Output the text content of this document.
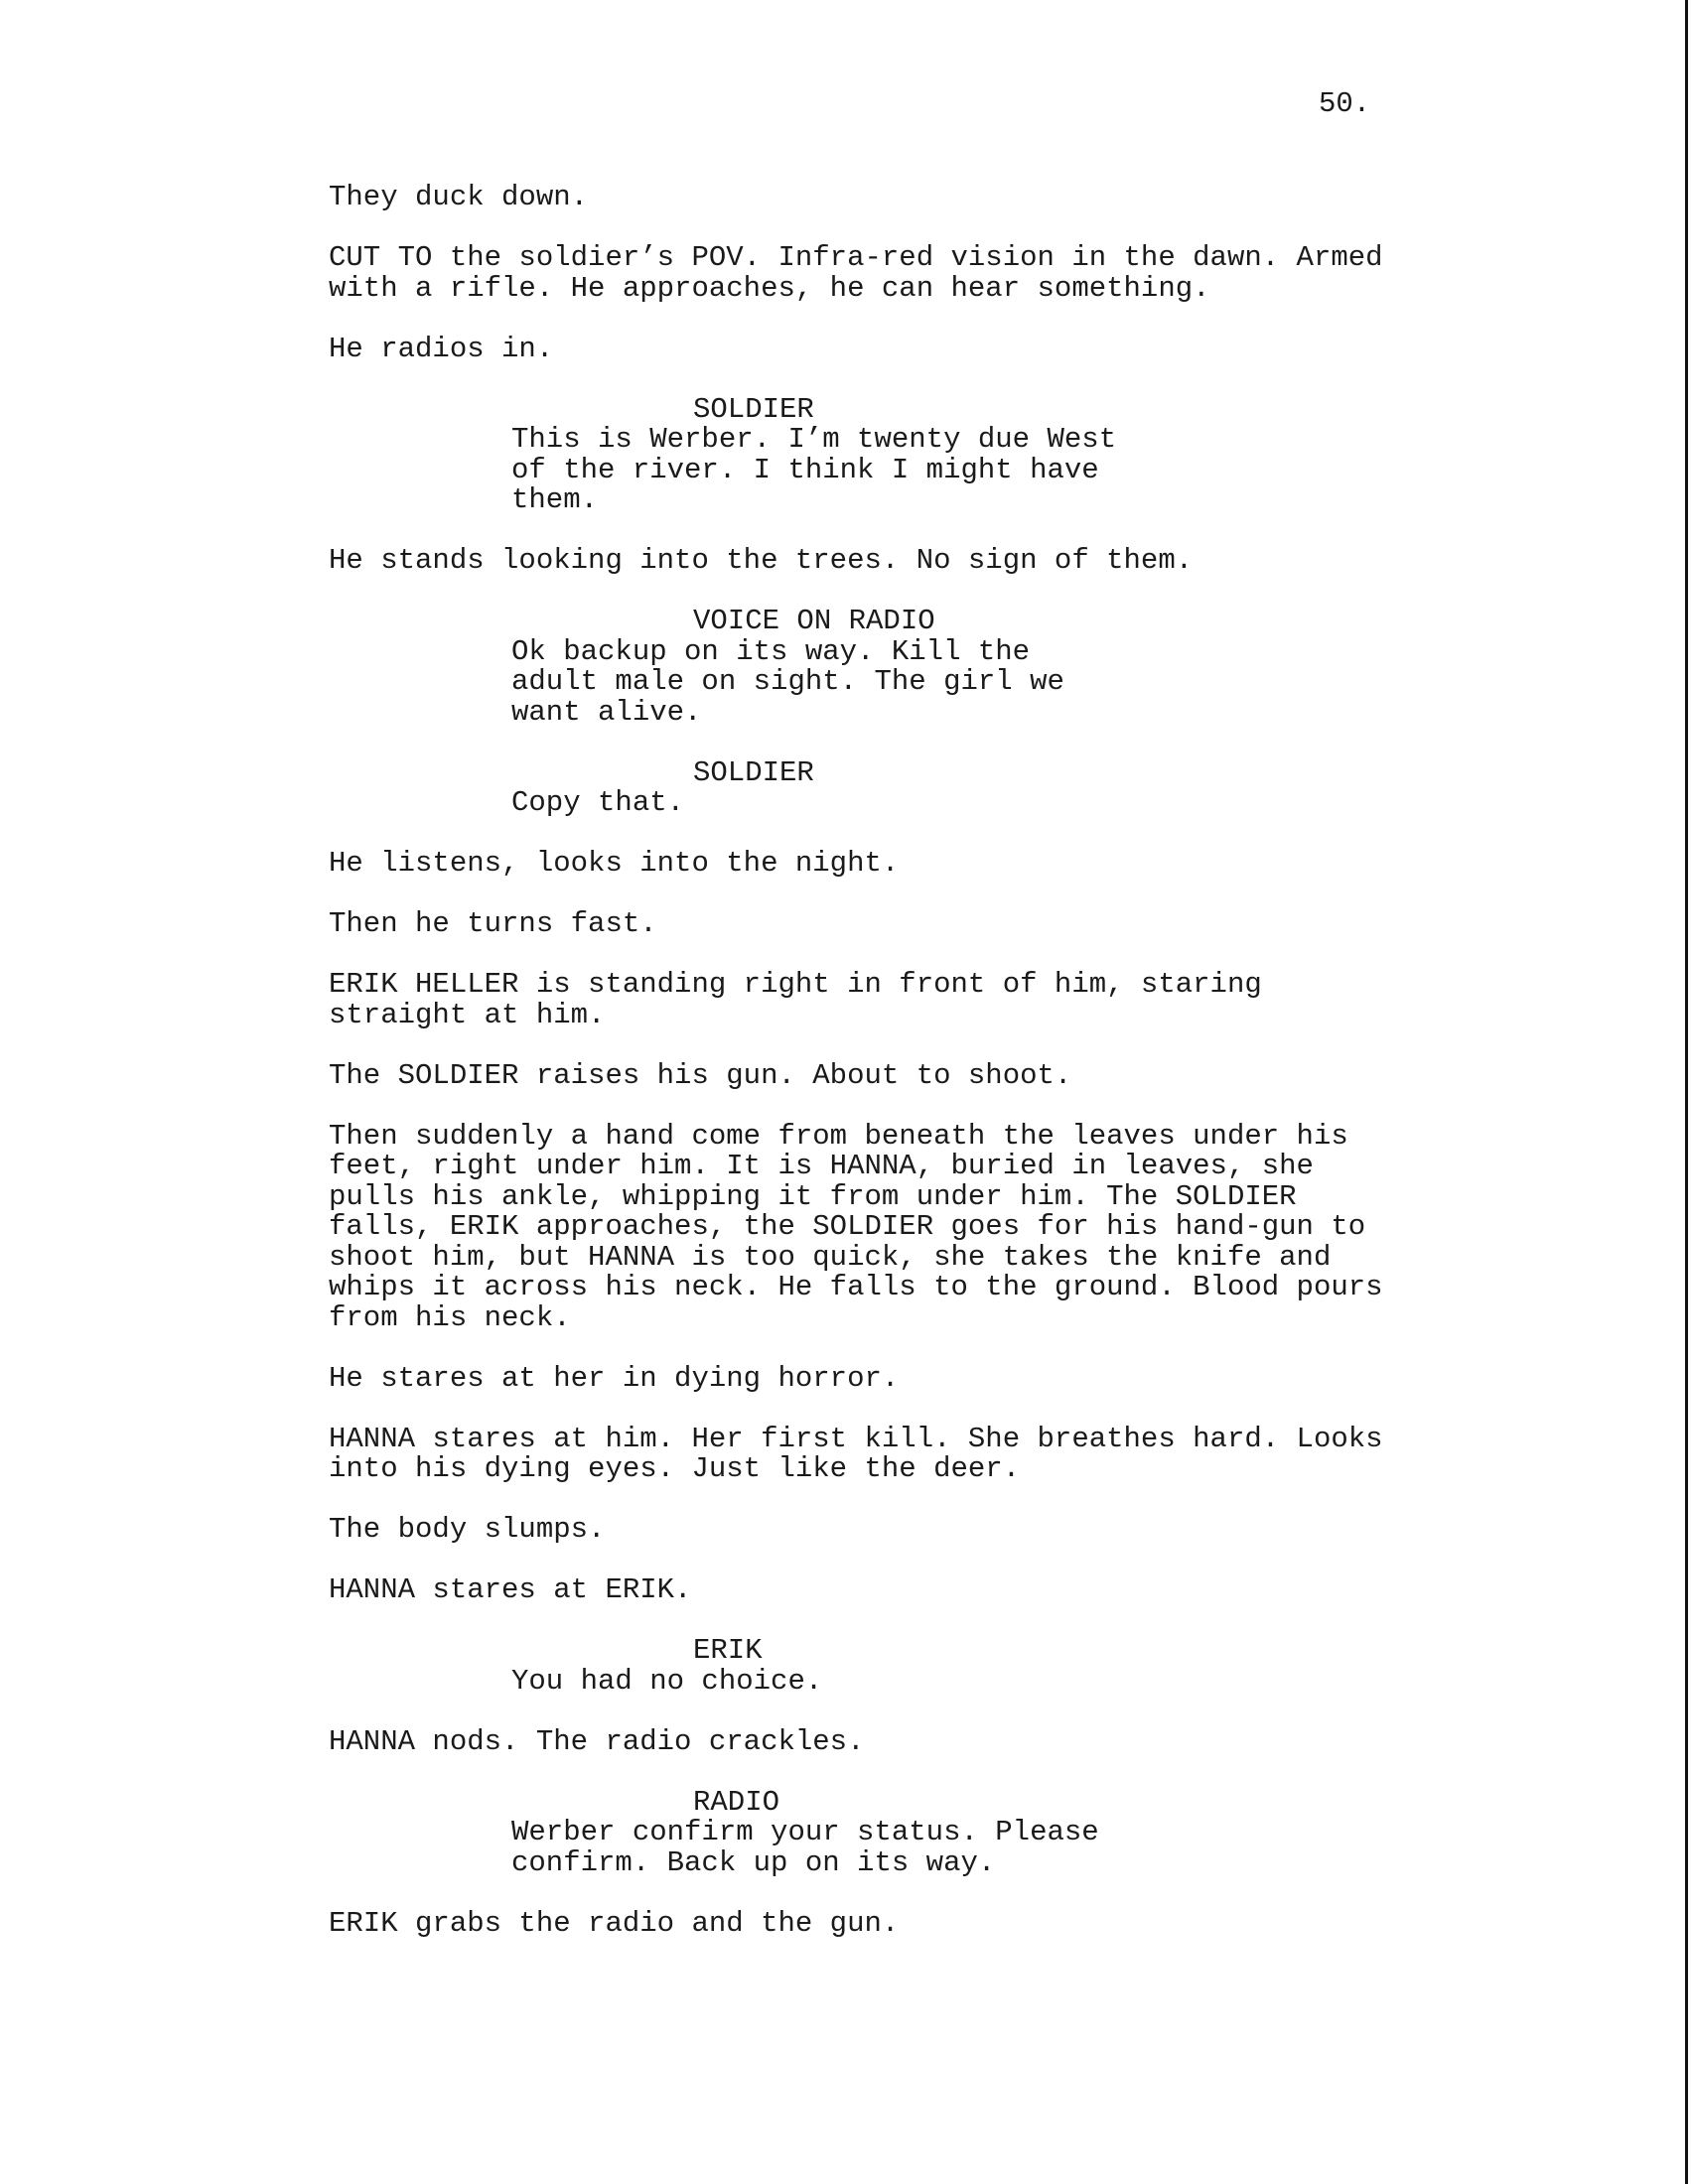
50.
They duck down.
CUT TO the soldier’s POV. Infra-red vision in the dawn. Armed
with a rifle. He approaches, he can hear something.
He radios in.
SOLDIER
This is Werber. I’m twenty due West
of the river. I think I might have
them.
He stands looking into the trees. No sign of them.
VOICE ON RADIO
Ok backup on its way. Kill the
adult male on sight. The girl we
want alive.
SOLDIER
Copy that.
He listens, looks into the night.
Then he turns fast.
ERIK HELLER is standing right in front of him, staring
straight at him.
The SOLDIER raises his gun. About to shoot.
Then suddenly a hand come from beneath the leaves under his
feet, right under him. It is HANNA, buried in leaves, she
pulls his ankle, whipping it from under him. The SOLDIER
falls, ERIK approaches, the SOLDIER goes for his hand-gun to
shoot him, but HANNA is too quick, she takes the knife and
whips it across his neck. He falls to the ground. Blood pours
from his neck.
He stares at her in dying horror.
HANNA stares at him. Her first kill. She breathes hard. Looks
into his dying eyes. Just like the deer.
The body slumps.
HANNA stares at ERIK.
ERIK
You had no choice.
HANNA nods. The radio crackles.
RADIO
Werber confirm your status. Please
confirm. Back up on its way.
ERIK grabs the radio and the gun.
